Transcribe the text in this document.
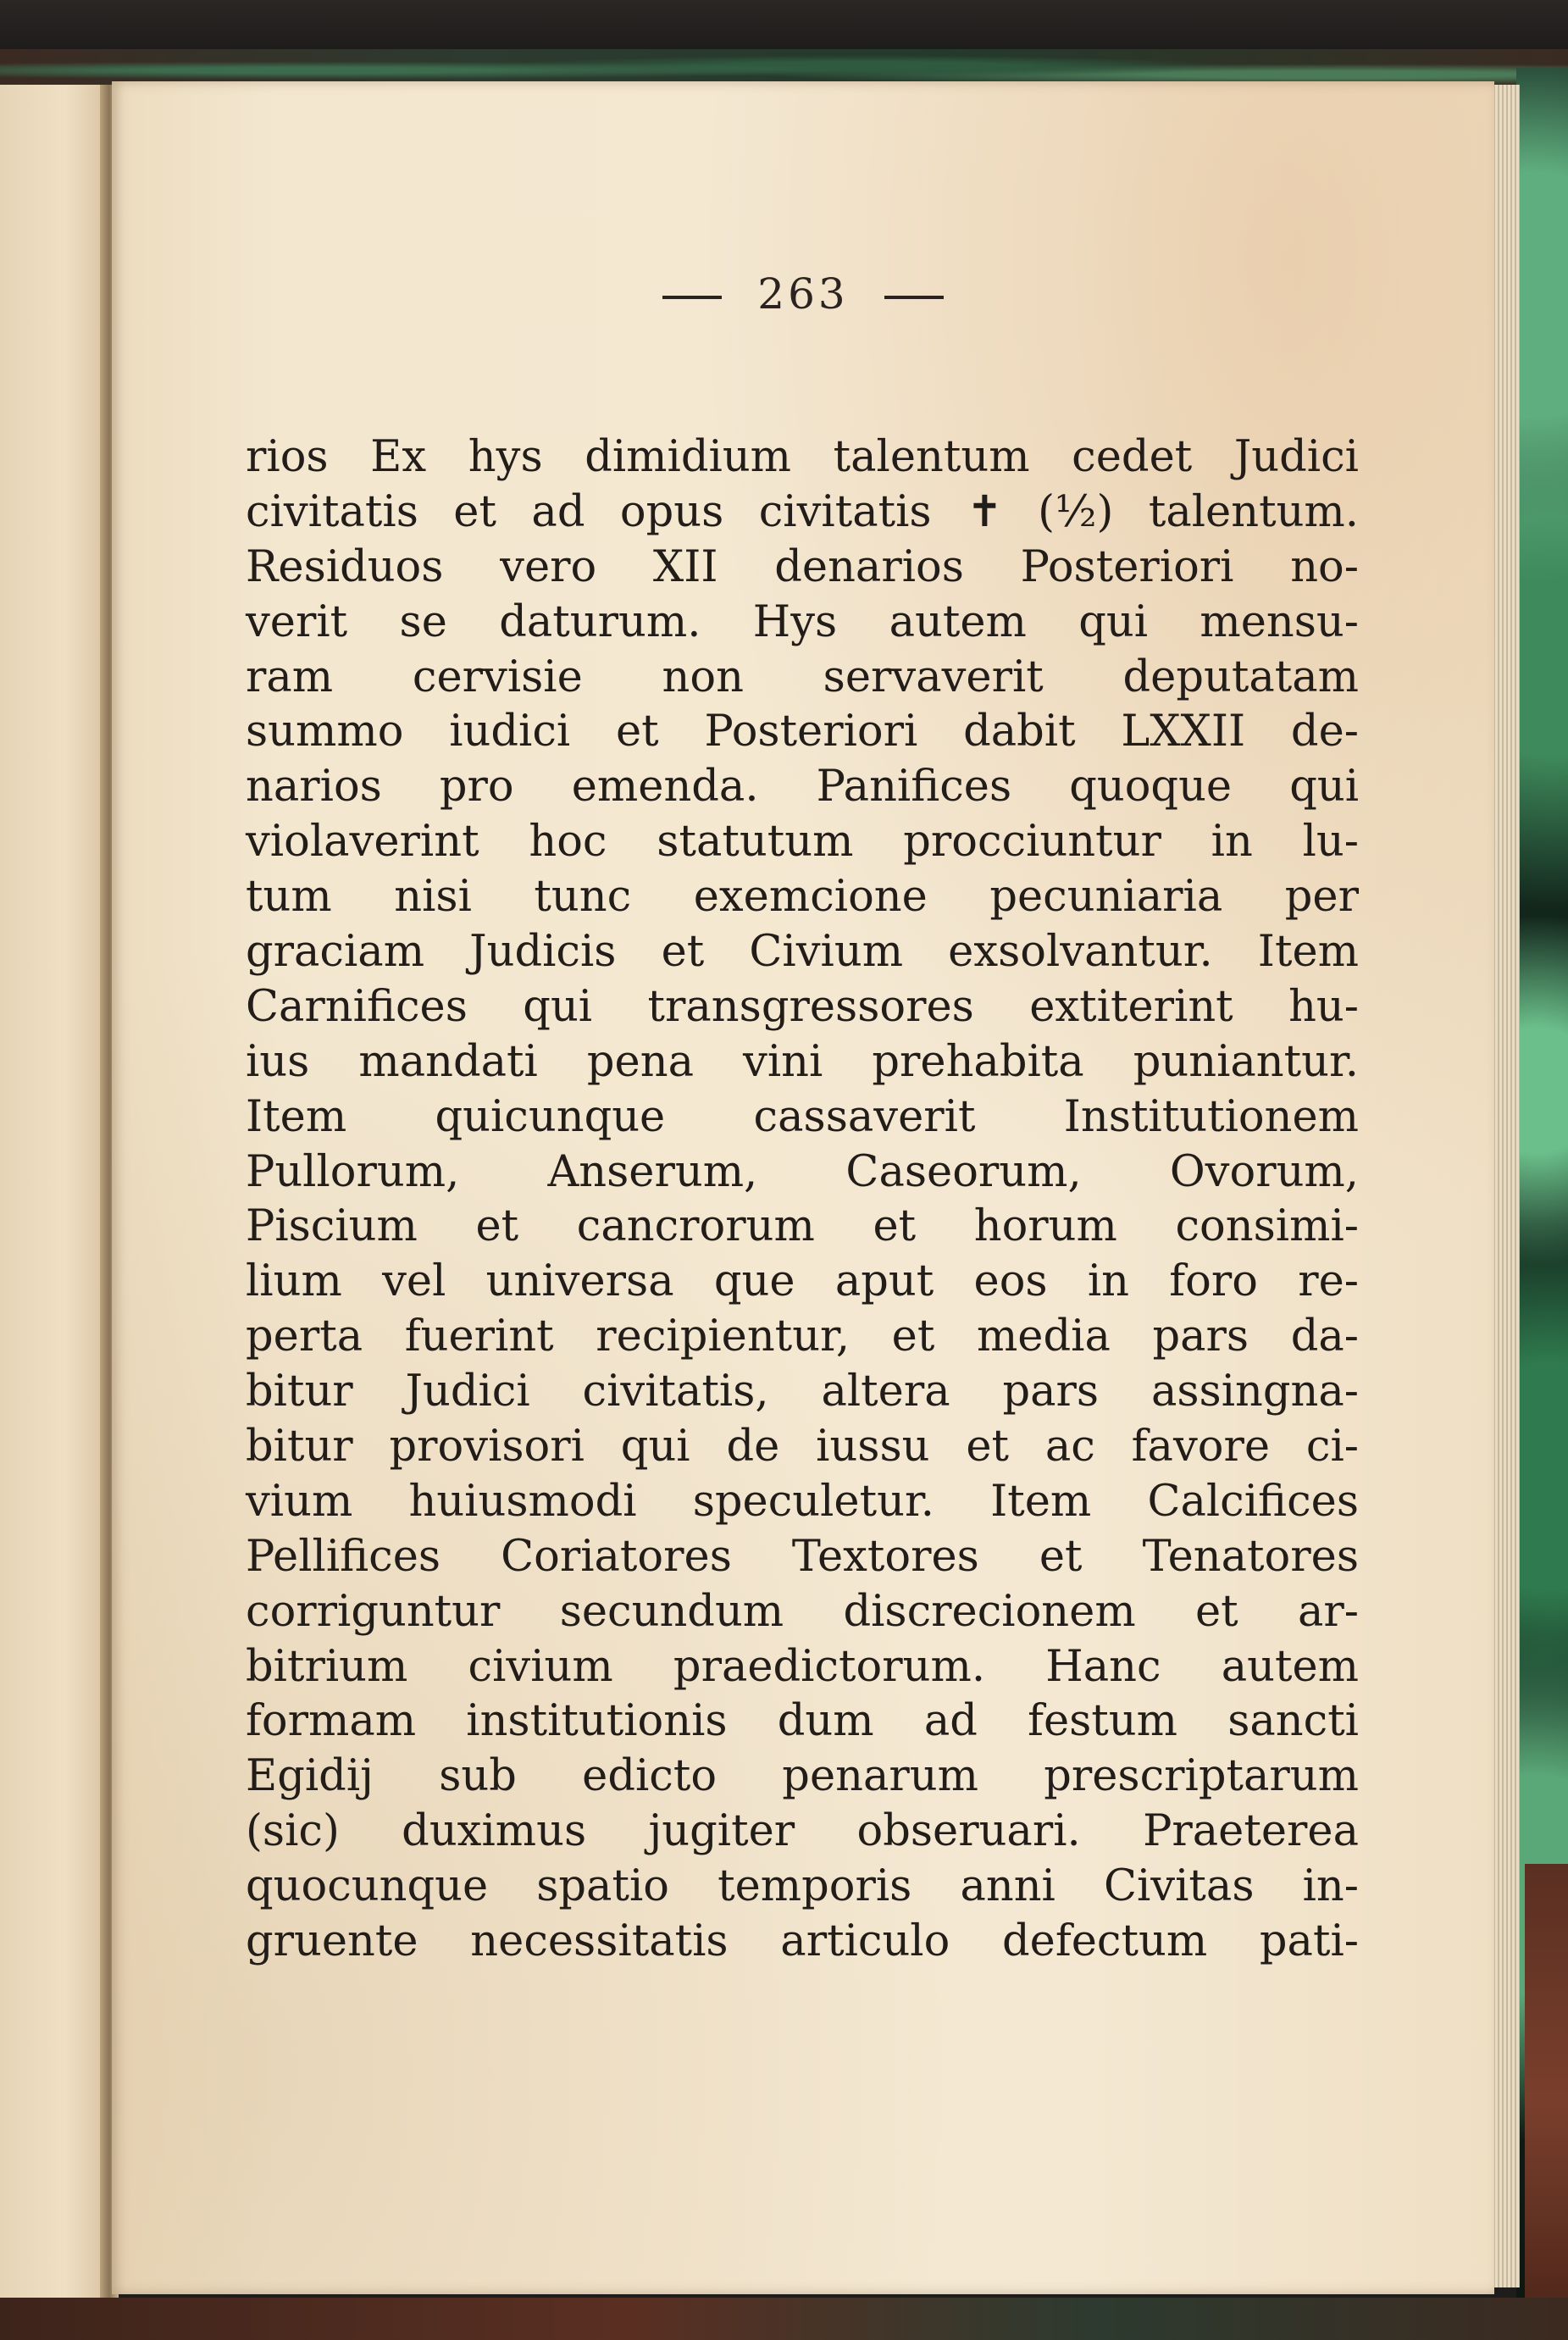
263
rios Ex hys dimidium talentum cedet Judici
civitatis et ad opus civitatis ✝ (½) talentum.
Residuos vero XII denarios Posteriori no-
verit se daturum. Hys autem qui mensu-
ram cervisie non servaverit deputatam
summo iudici et Posteriori dabit LXXII de-
narios pro emenda. Panifices quoque qui
violaverint hoc statutum procciuntur in lu-
tum nisi tunc exemcione pecuniaria per
graciam Judicis et Civium exsolvantur. Item
Carnifices qui transgressores extiterint hu-
ius mandati pena vini prehabita puniantur.
Item quicunque cassaverit Institutionem
Pullorum, Anserum, Caseorum, Ovorum,
Piscium et cancrorum et horum consimi-
lium vel universa que aput eos in foro re-
perta fuerint recipientur, et media pars da-
bitur Judici civitatis, altera pars assingna-
bitur provisori qui de iussu et ac favore ci-
vium huiusmodi speculetur. Item Calcifices
Pellifices Coriatores Textores et Tenatores
corriguntur secundum discrecionem et ar-
bitrium civium praedictorum. Hanc autem
formam institutionis dum ad festum sancti
Egidij sub edicto penarum prescriptarum
(sic) duximus jugiter obseruari. Praeterea
quocunque spatio temporis anni Civitas in-
gruente necessitatis articulo defectum pati-
